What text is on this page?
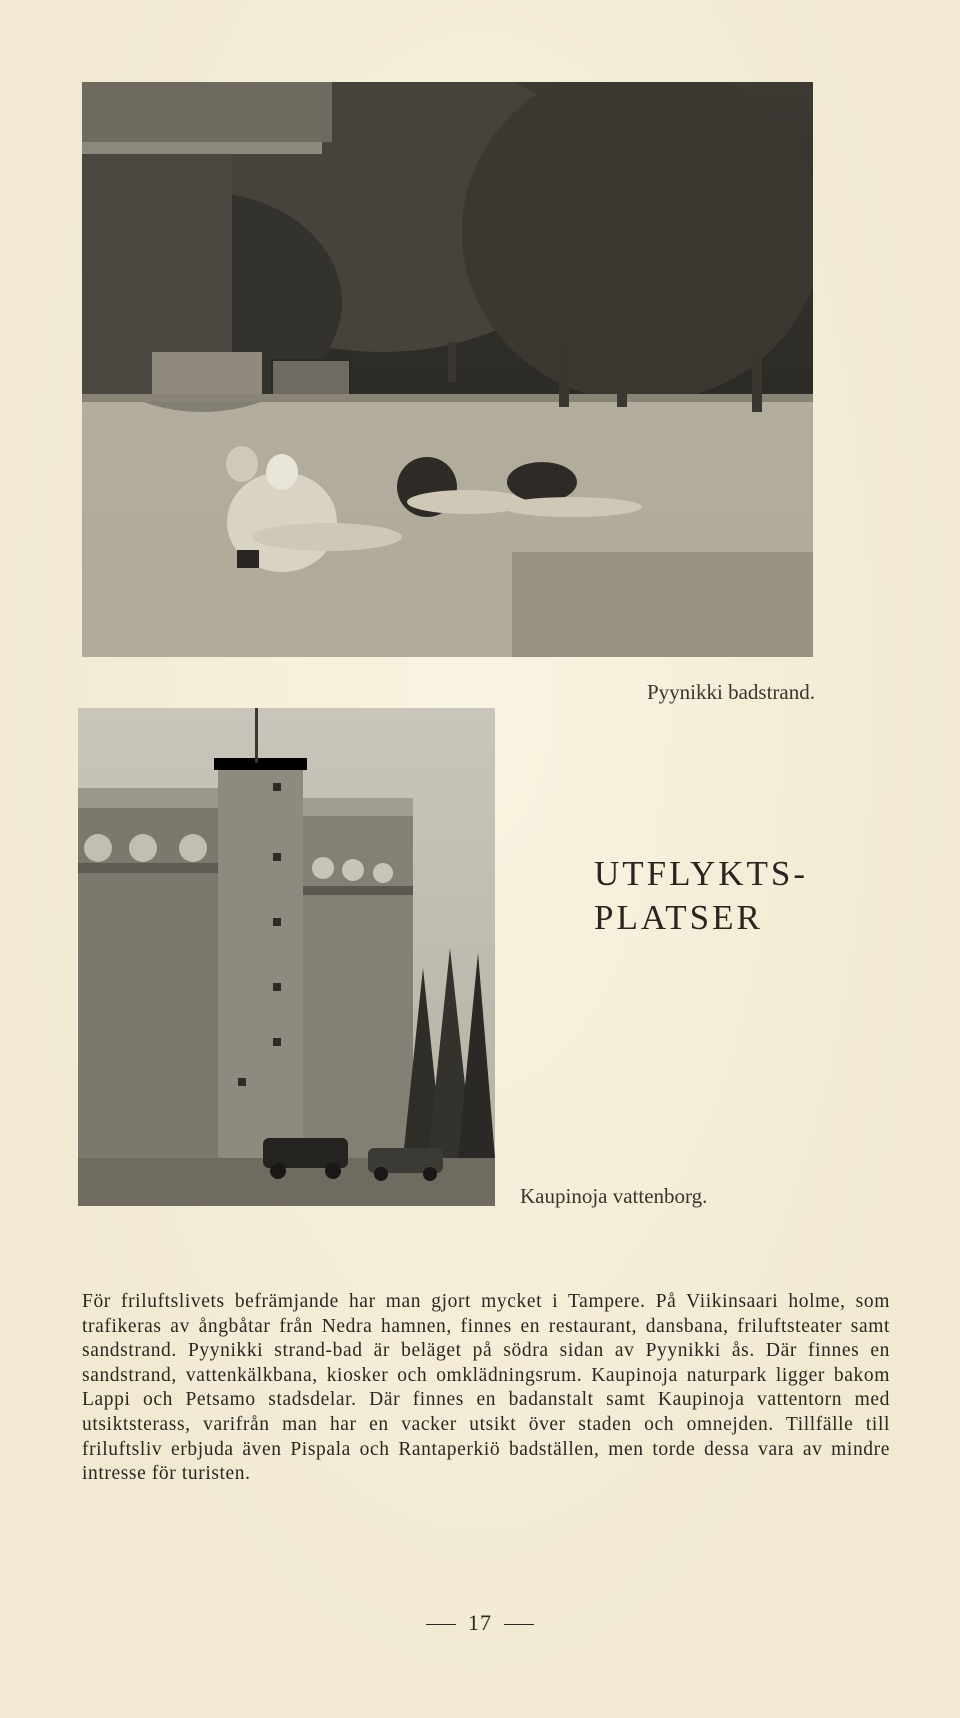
Pyynikki badstrand.
UTFLYKTS-
PLATSER
Kaupinoja vattenborg.
För friluftslivets befrämjande har man gjort mycket i Tampere. På Viikinsaari holme, som trafikeras av ångbåtar från Nedra hamnen, finnes en restaurant, dansbana, friluftsteater samt sandstrand. Pyynikki strand-bad är beläget på södra sidan av Pyynikki ås. Där finnes en sandstrand, vattenkälkbana, kiosker och omklädningsrum. Kaupinoja naturpark ligger bakom Lappi och Petsamo stadsdelar. Där finnes en badanstalt samt Kaupinoja vattentorn med utsiktsterass, varifrån man har en vacker utsikt över staden och omnejden. Tillfälle till friluftsliv erbjuda även Pispala och Rantaperkiö badställen, men torde dessa vara av mindre intresse för turisten.
17
